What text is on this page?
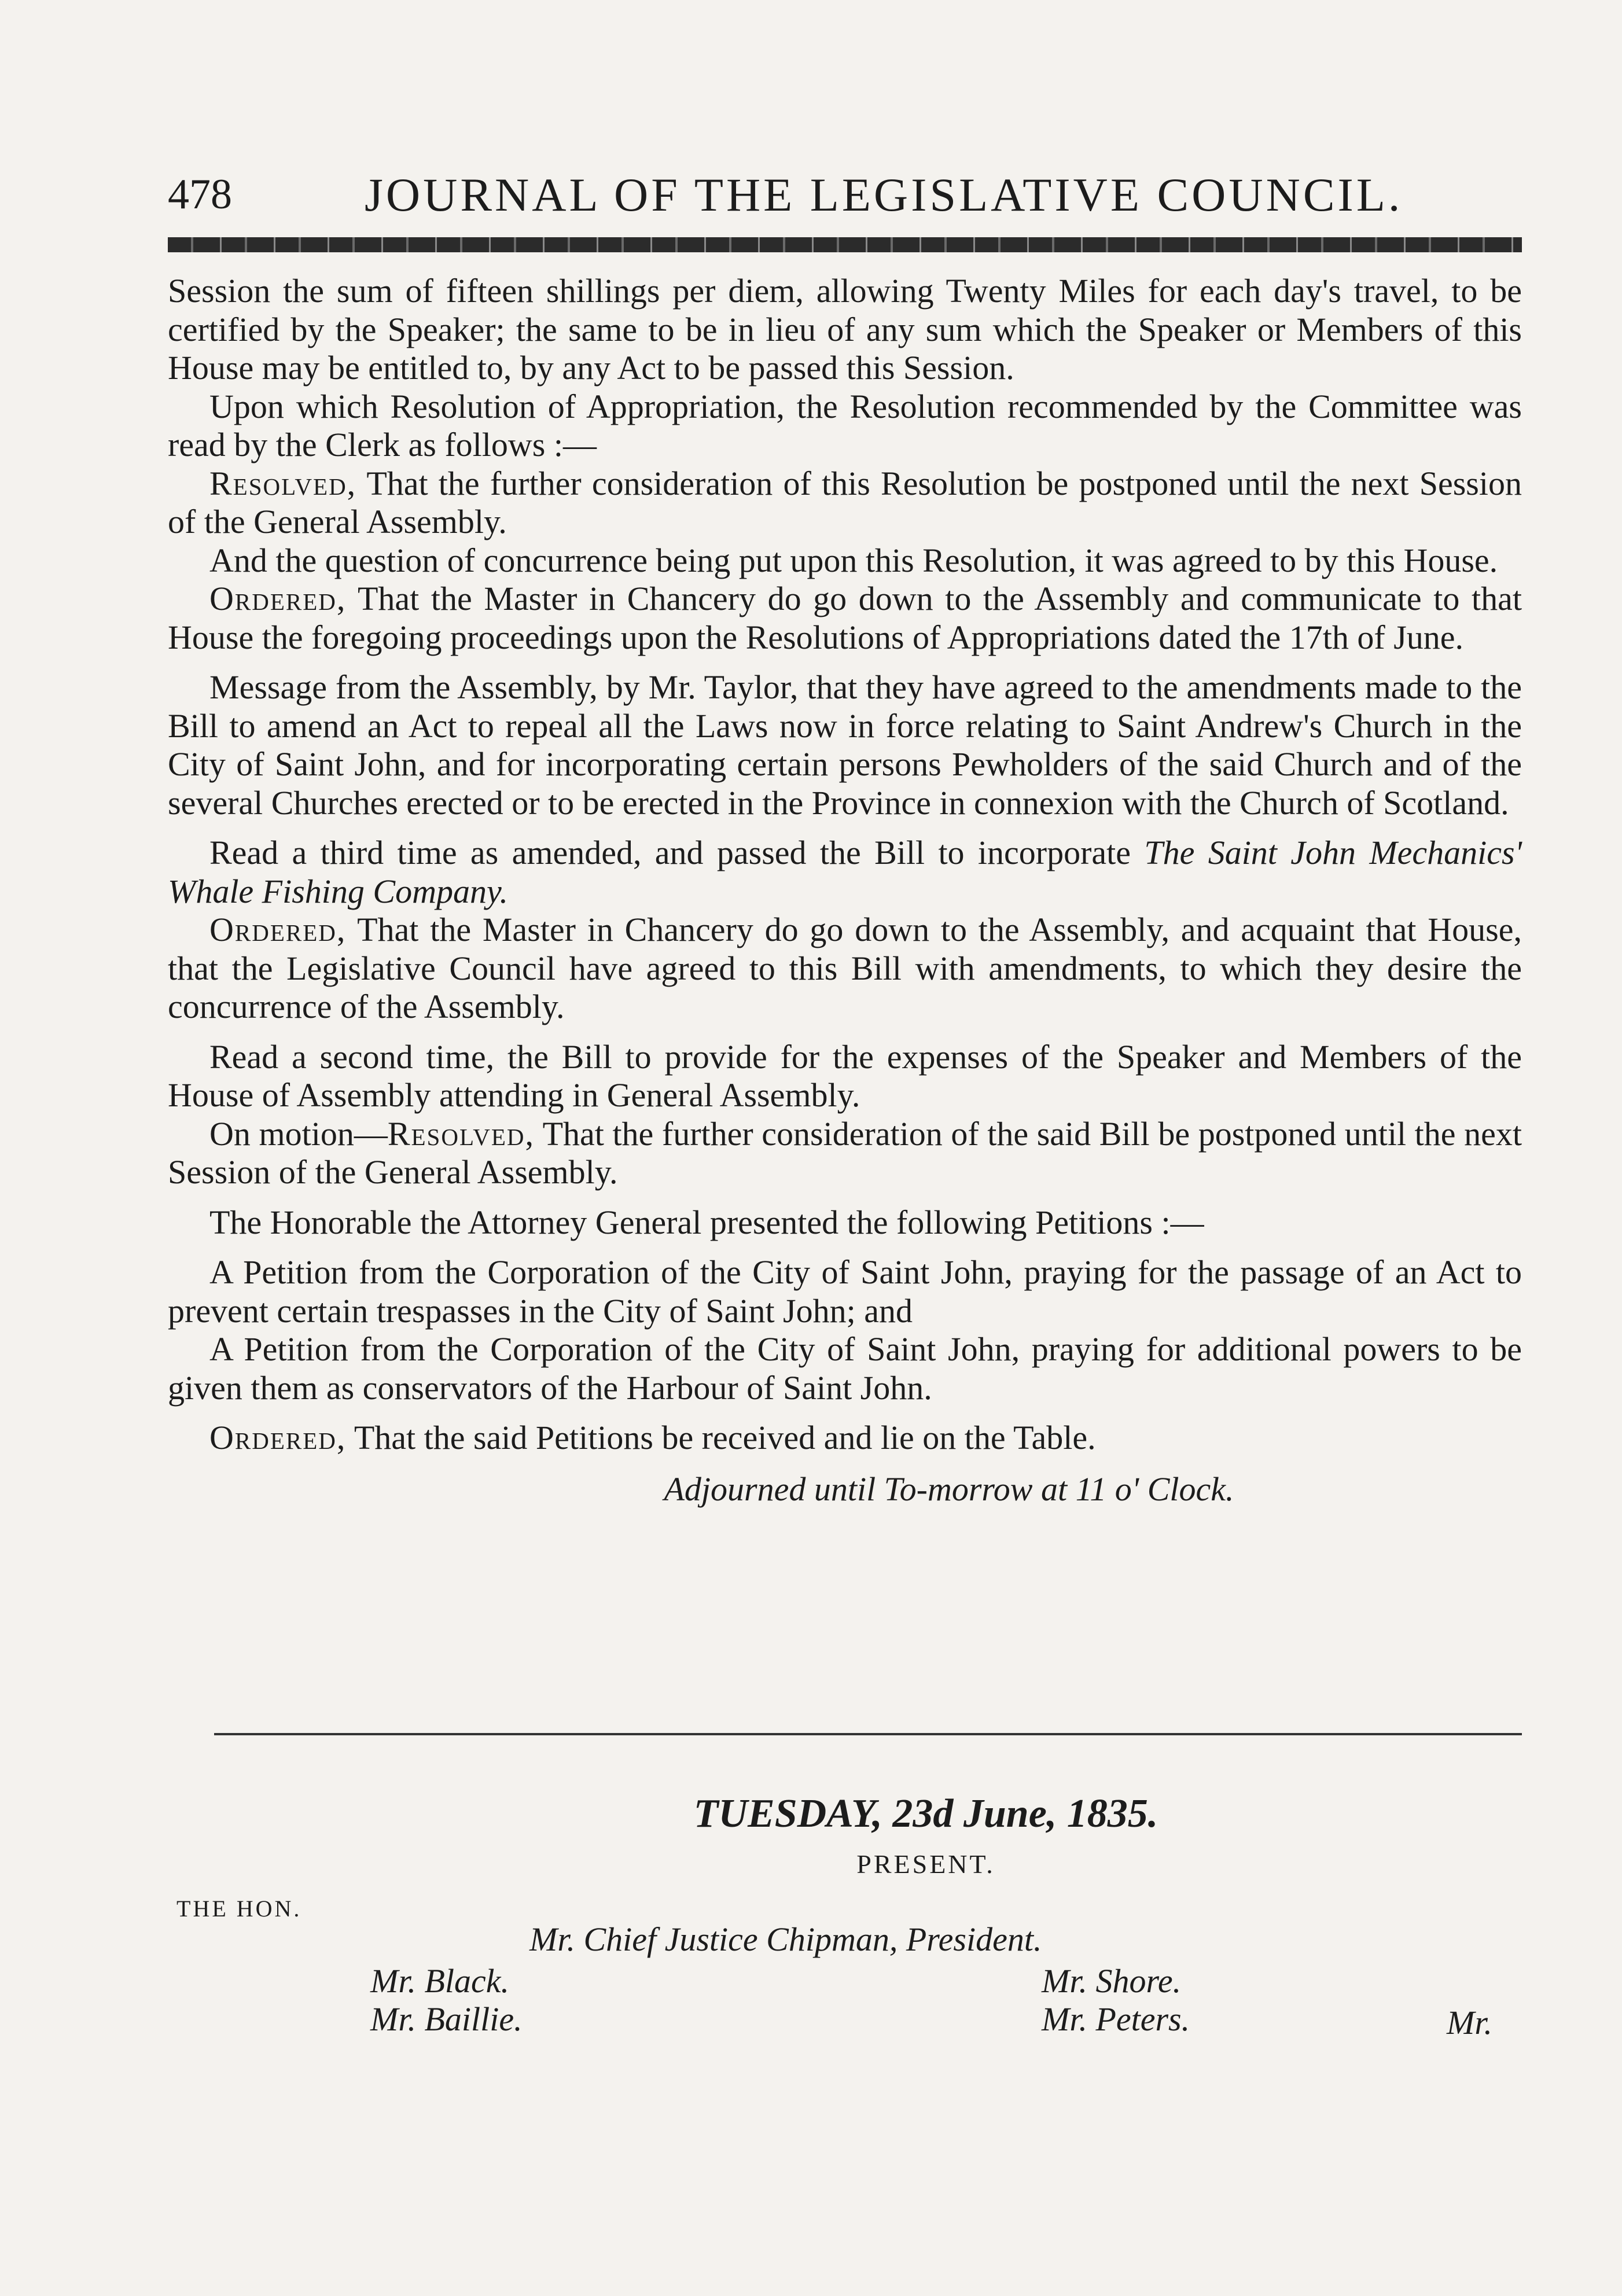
478	JOURNAL OF THE LEGISLATIVE COUNCIL.

Session the sum of fifteen shillings per diem, allowing Twenty Miles for each day's travel, to be certified by the Speaker; the same to be in lieu of any sum which the Speaker or Members of this House may be entitled to, by any Act to be passed this Session.

Upon which Resolution of Appropriation, the Resolution recommended by the Committee was read by the Clerk as follows :—

Resolved, That the further consideration of this Resolution be postponed until the next Session of the General Assembly.

And the question of concurrence being put upon this Resolution, it was agreed to by this House.

Ordered, That the Master in Chancery do go down to the Assembly and communicate to that House the foregoing proceedings upon the Resolutions of Appropriations dated the 17th of June.

Message from the Assembly, by Mr. Taylor, that they have agreed to the amendments made to the Bill to amend an Act to repeal all the Laws now in force relating to Saint Andrew's Church in the City of Saint John, and for incorporating certain persons Pewholders of the said Church and of the several Churches erected or to be erected in the Province in connexion with the Church of Scotland.

Read a third time as amended, and passed the Bill to incorporate The Saint John Mechanics' Whale Fishing Company.

Ordered, That the Master in Chancery do go down to the Assembly, and acquaint that House, that the Legislative Council have agreed to this Bill with amendments, to which they desire the concurrence of the Assembly.

Read a second time, the Bill to provide for the expenses of the Speaker and Members of the House of Assembly attending in General Assembly.

On motion—Resolved, That the further consideration of the said Bill be postponed until the next Session of the General Assembly.

The Honorable the Attorney General presented the following Petitions :—

A Petition from the Corporation of the City of Saint John, praying for the passage of an Act to prevent certain trespasses in the City of Saint John; and

A Petition from the Corporation of the City of Saint John, praying for additional powers to be given them as conservators of the Harbour of Saint John.

Ordered, That the said Petitions be received and lie on the Table.

Adjourned until To-morrow at 11 o' Clock.

TUESDAY, 23d June, 1835.
PRESENT.
THE HON.
Mr. Chief Justice Chipman, President.
Mr. Black.	Mr. Shore.
Mr. Baillie.	Mr. Peters.	Mr.
